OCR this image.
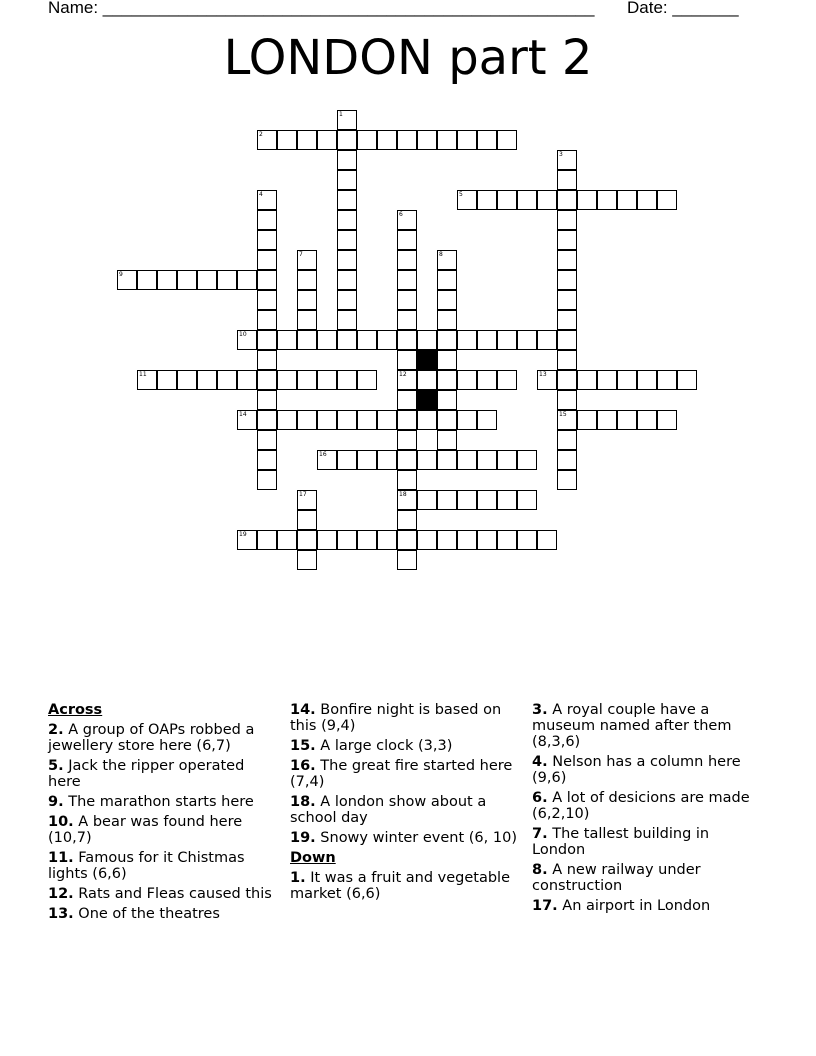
Name: ____________________________________________________ Date: _______
LONDON part 2
1
2
3
15
4	5
6
12
18
7	8
9
10
11	13
14
16
17
19
Across
2. A group of OAPs robbed a jewellery store here (6,7)
5. Jack the ripper operated here
9. The marathon starts here
10. A bear was found here (10,7)
11. Famous for it Chistmas lights (6,6)
12. Rats and Fleas caused this
13. One of the theatres
14. Bonfire night is based on this (9,4)
15. A large clock (3,3)
16. The great fire started here (7,4)
18. A london show about a school day
19. Snowy winter event (6, 10)
Down
1. It was a fruit and vegetable market (6,6)
3. A royal couple have a museum named after them (8,3,6)
4. Nelson has a column here (9,6)
6. A lot of desicions are made (6,2,10)
7. The tallest building in London
8. A new railway under construction
17. An airport in London
